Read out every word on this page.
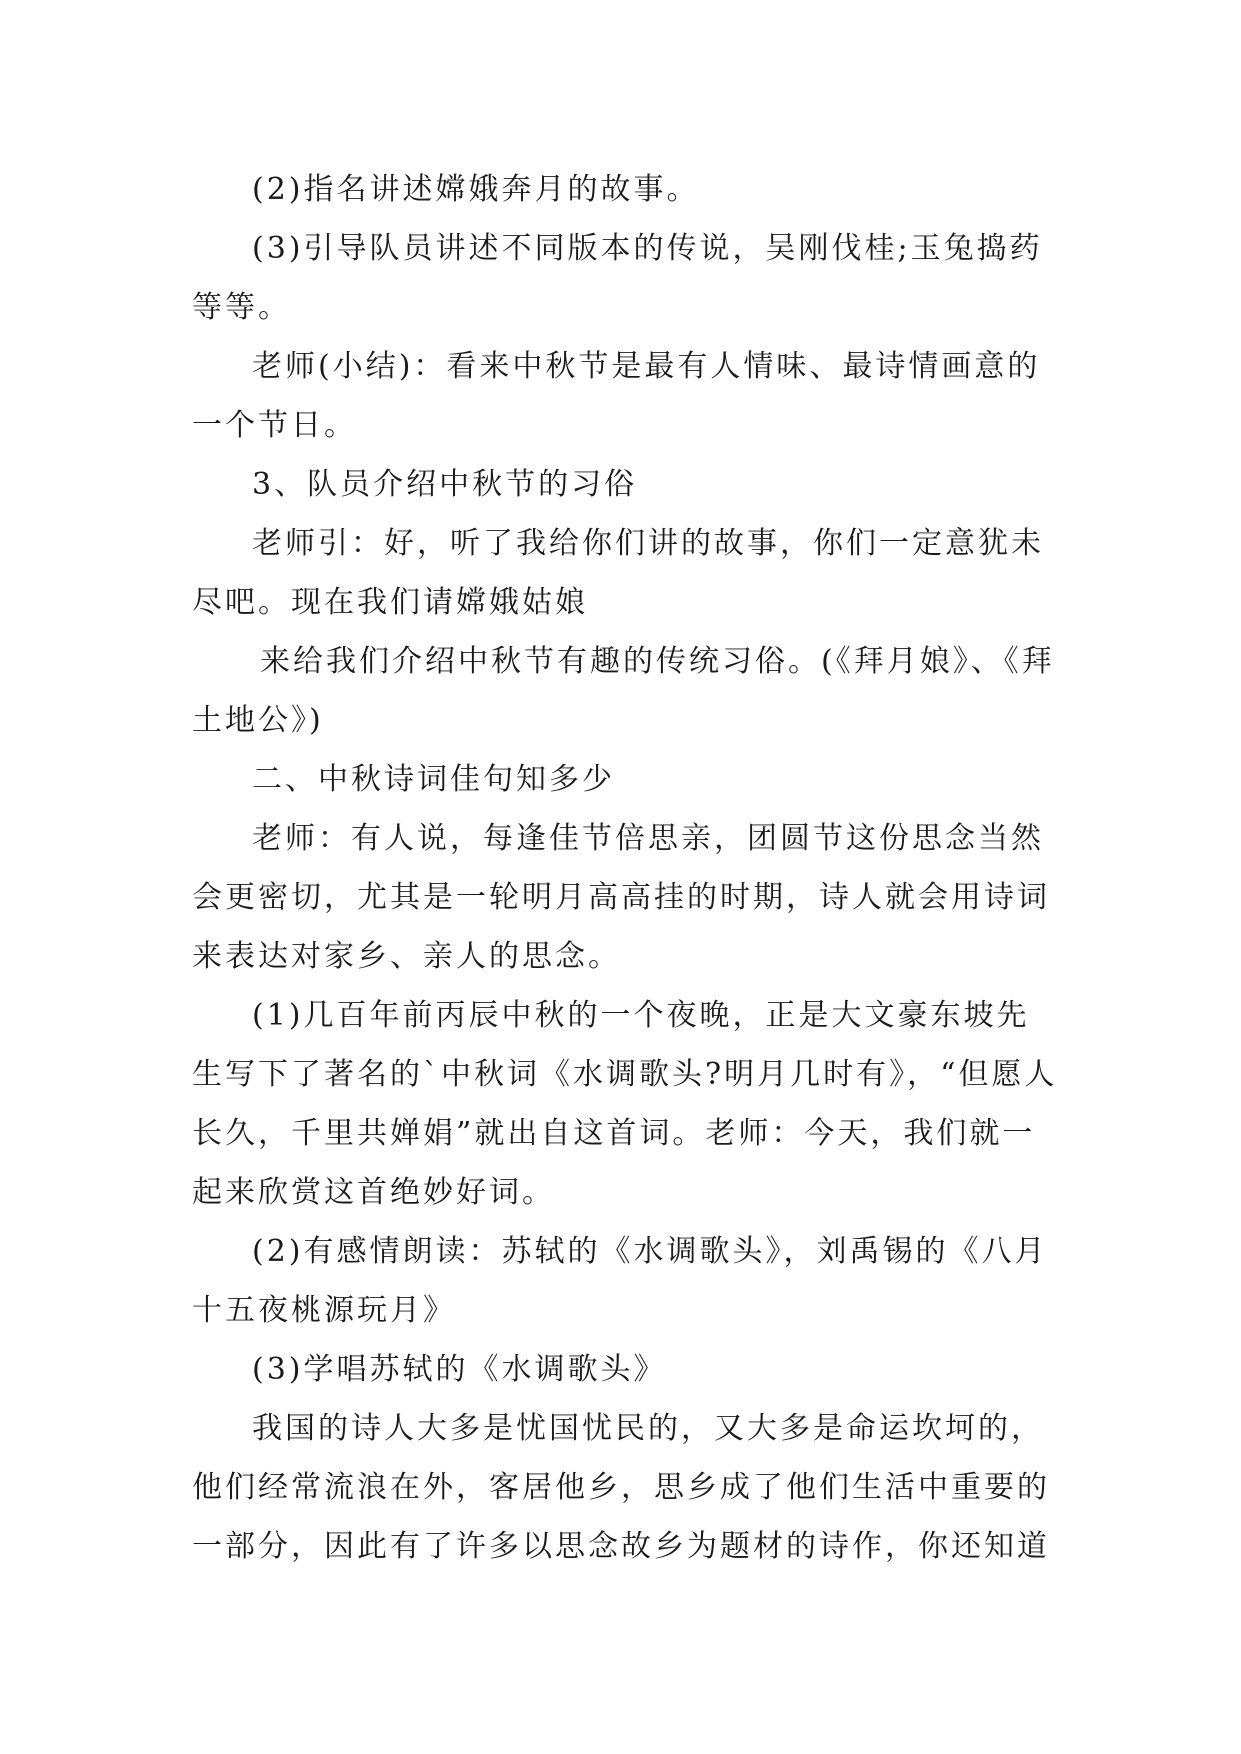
(2)指名讲述嫦娥奔月的故事。

(3)引导队员讲述不同版本的传说，吴刚伐桂;玉兔捣药等等。

老师(小结)：看来中秋节是最有人情味、最诗情画意的一个节日。

3、队员介绍中秋节的习俗

老师引：好，听了我给你们讲的故事，你们一定意犹未尽吧。现在我们请嫦娥姑娘

来给我们介绍中秋节有趣的传统习俗。(《拜月娘》、《拜土地公》)

二、中秋诗词佳句知多少

老师：有人说，每逢佳节倍思亲，团圆节这份思念当然会更密切，尤其是一轮明月高高挂的时期，诗人就会用诗词来表达对家乡、亲人的思念。

(1)几百年前丙辰中秋的一个夜晚，正是大文豪东坡先生写下了著名的`中秋词《水调歌头?明月几时有》，“但愿人长久，千里共婵娟”就出自这首词。老师：今天，我们就一起来欣赏这首绝妙好词。

(2)有感情朗读：苏轼的《水调歌头》，刘禹锡的《八月十五夜桃源玩月》

(3)学唱苏轼的《水调歌头》

我国的诗人大多是忧国忧民的，又大多是命运坎坷的，他们经常流浪在外，客居他乡，思乡成了他们生活中重要的一部分，因此有了许多以思念故乡为题材的诗作，你还知道
